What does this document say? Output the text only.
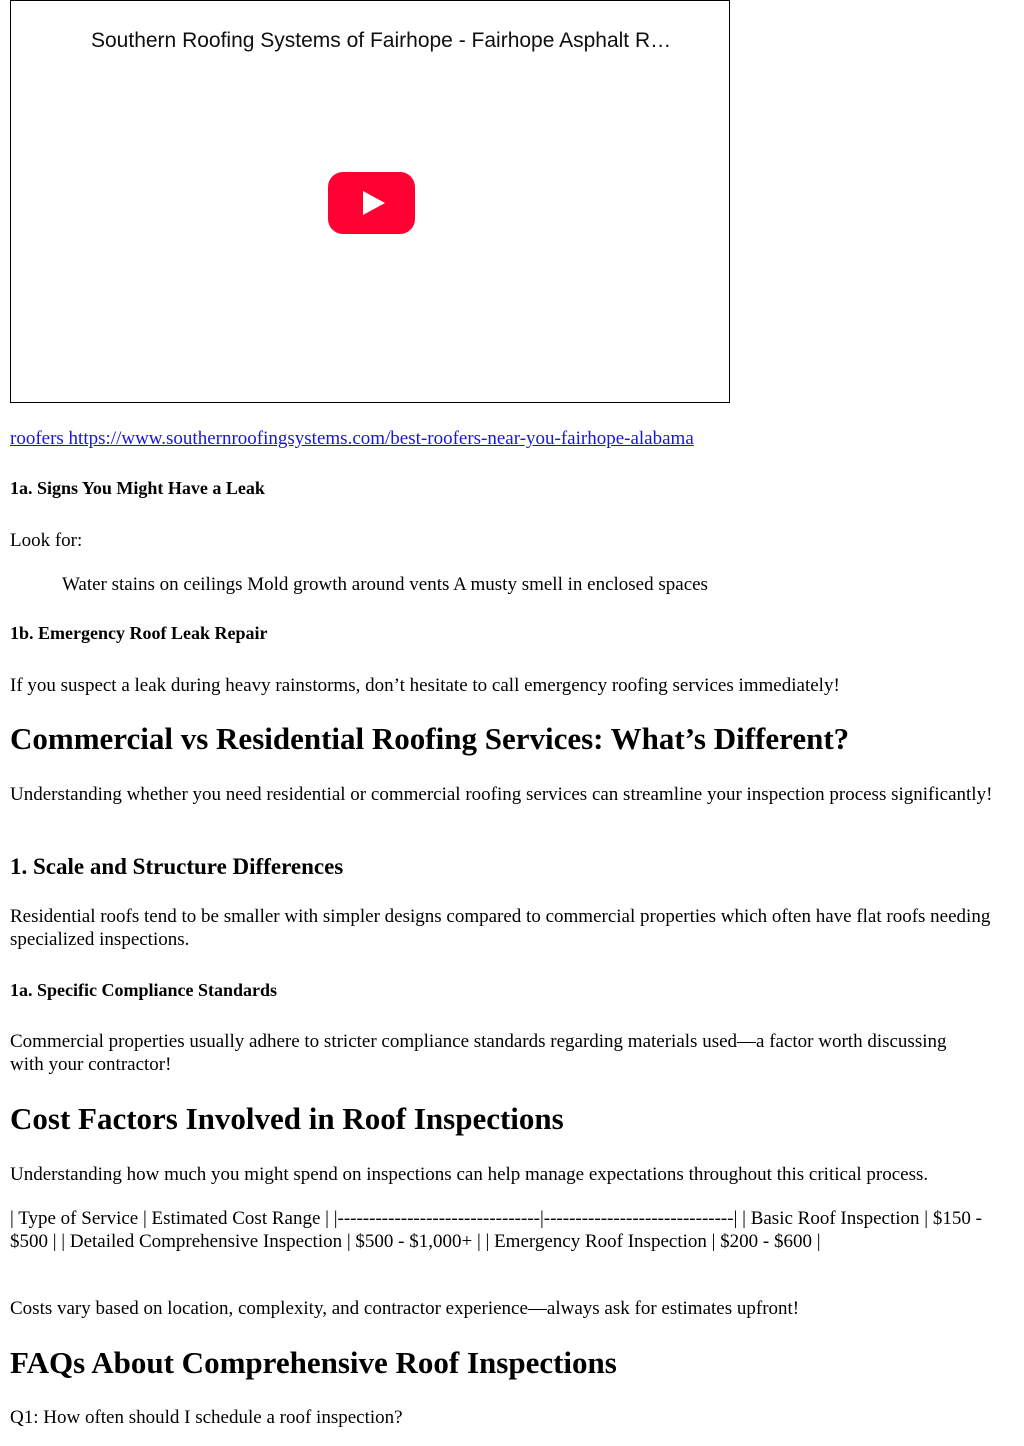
Southern Roofing Systems of Fairhope - Fairhope Asphalt R…
roofers https://www.southernroofingsystems.com/best-roofers-near-you-fairhope-alabama
1a. Signs You Might Have a Leak
Look for:
Water stains on ceilings Mold growth around vents A musty smell in enclosed spaces
1b. Emergency Roof Leak Repair
If you suspect a leak during heavy rainstorms, don’t hesitate to call emergency roofing services immediately!
Commercial vs Residential Roofing Services: What’s Different?
Understanding whether you need residential or commercial roofing services can streamline your inspection process significantly!
1. Scale and Structure Differences
Residential roofs tend to be smaller with simpler designs compared to commercial properties which often have flat roofs needing specialized inspections.
1a. Specific Compliance Standards
Commercial properties usually adhere to stricter compliance standards regarding materials used—a factor worth discussing with your contractor!
Cost Factors Involved in Roof Inspections
Understanding how much you might spend on inspections can help manage expectations throughout this critical process.
| Type of Service | Estimated Cost Range | |--------------------------------|------------------------------| | Basic Roof Inspection | $150 - $500 | | Detailed Comprehensive Inspection | $500 - $1,000+ | | Emergency Roof Inspection | $200 - $600 |
Costs vary based on location, complexity, and contractor experience—always ask for estimates upfront!
FAQs About Comprehensive Roof Inspections
Q1: How often should I schedule a roof inspection?
